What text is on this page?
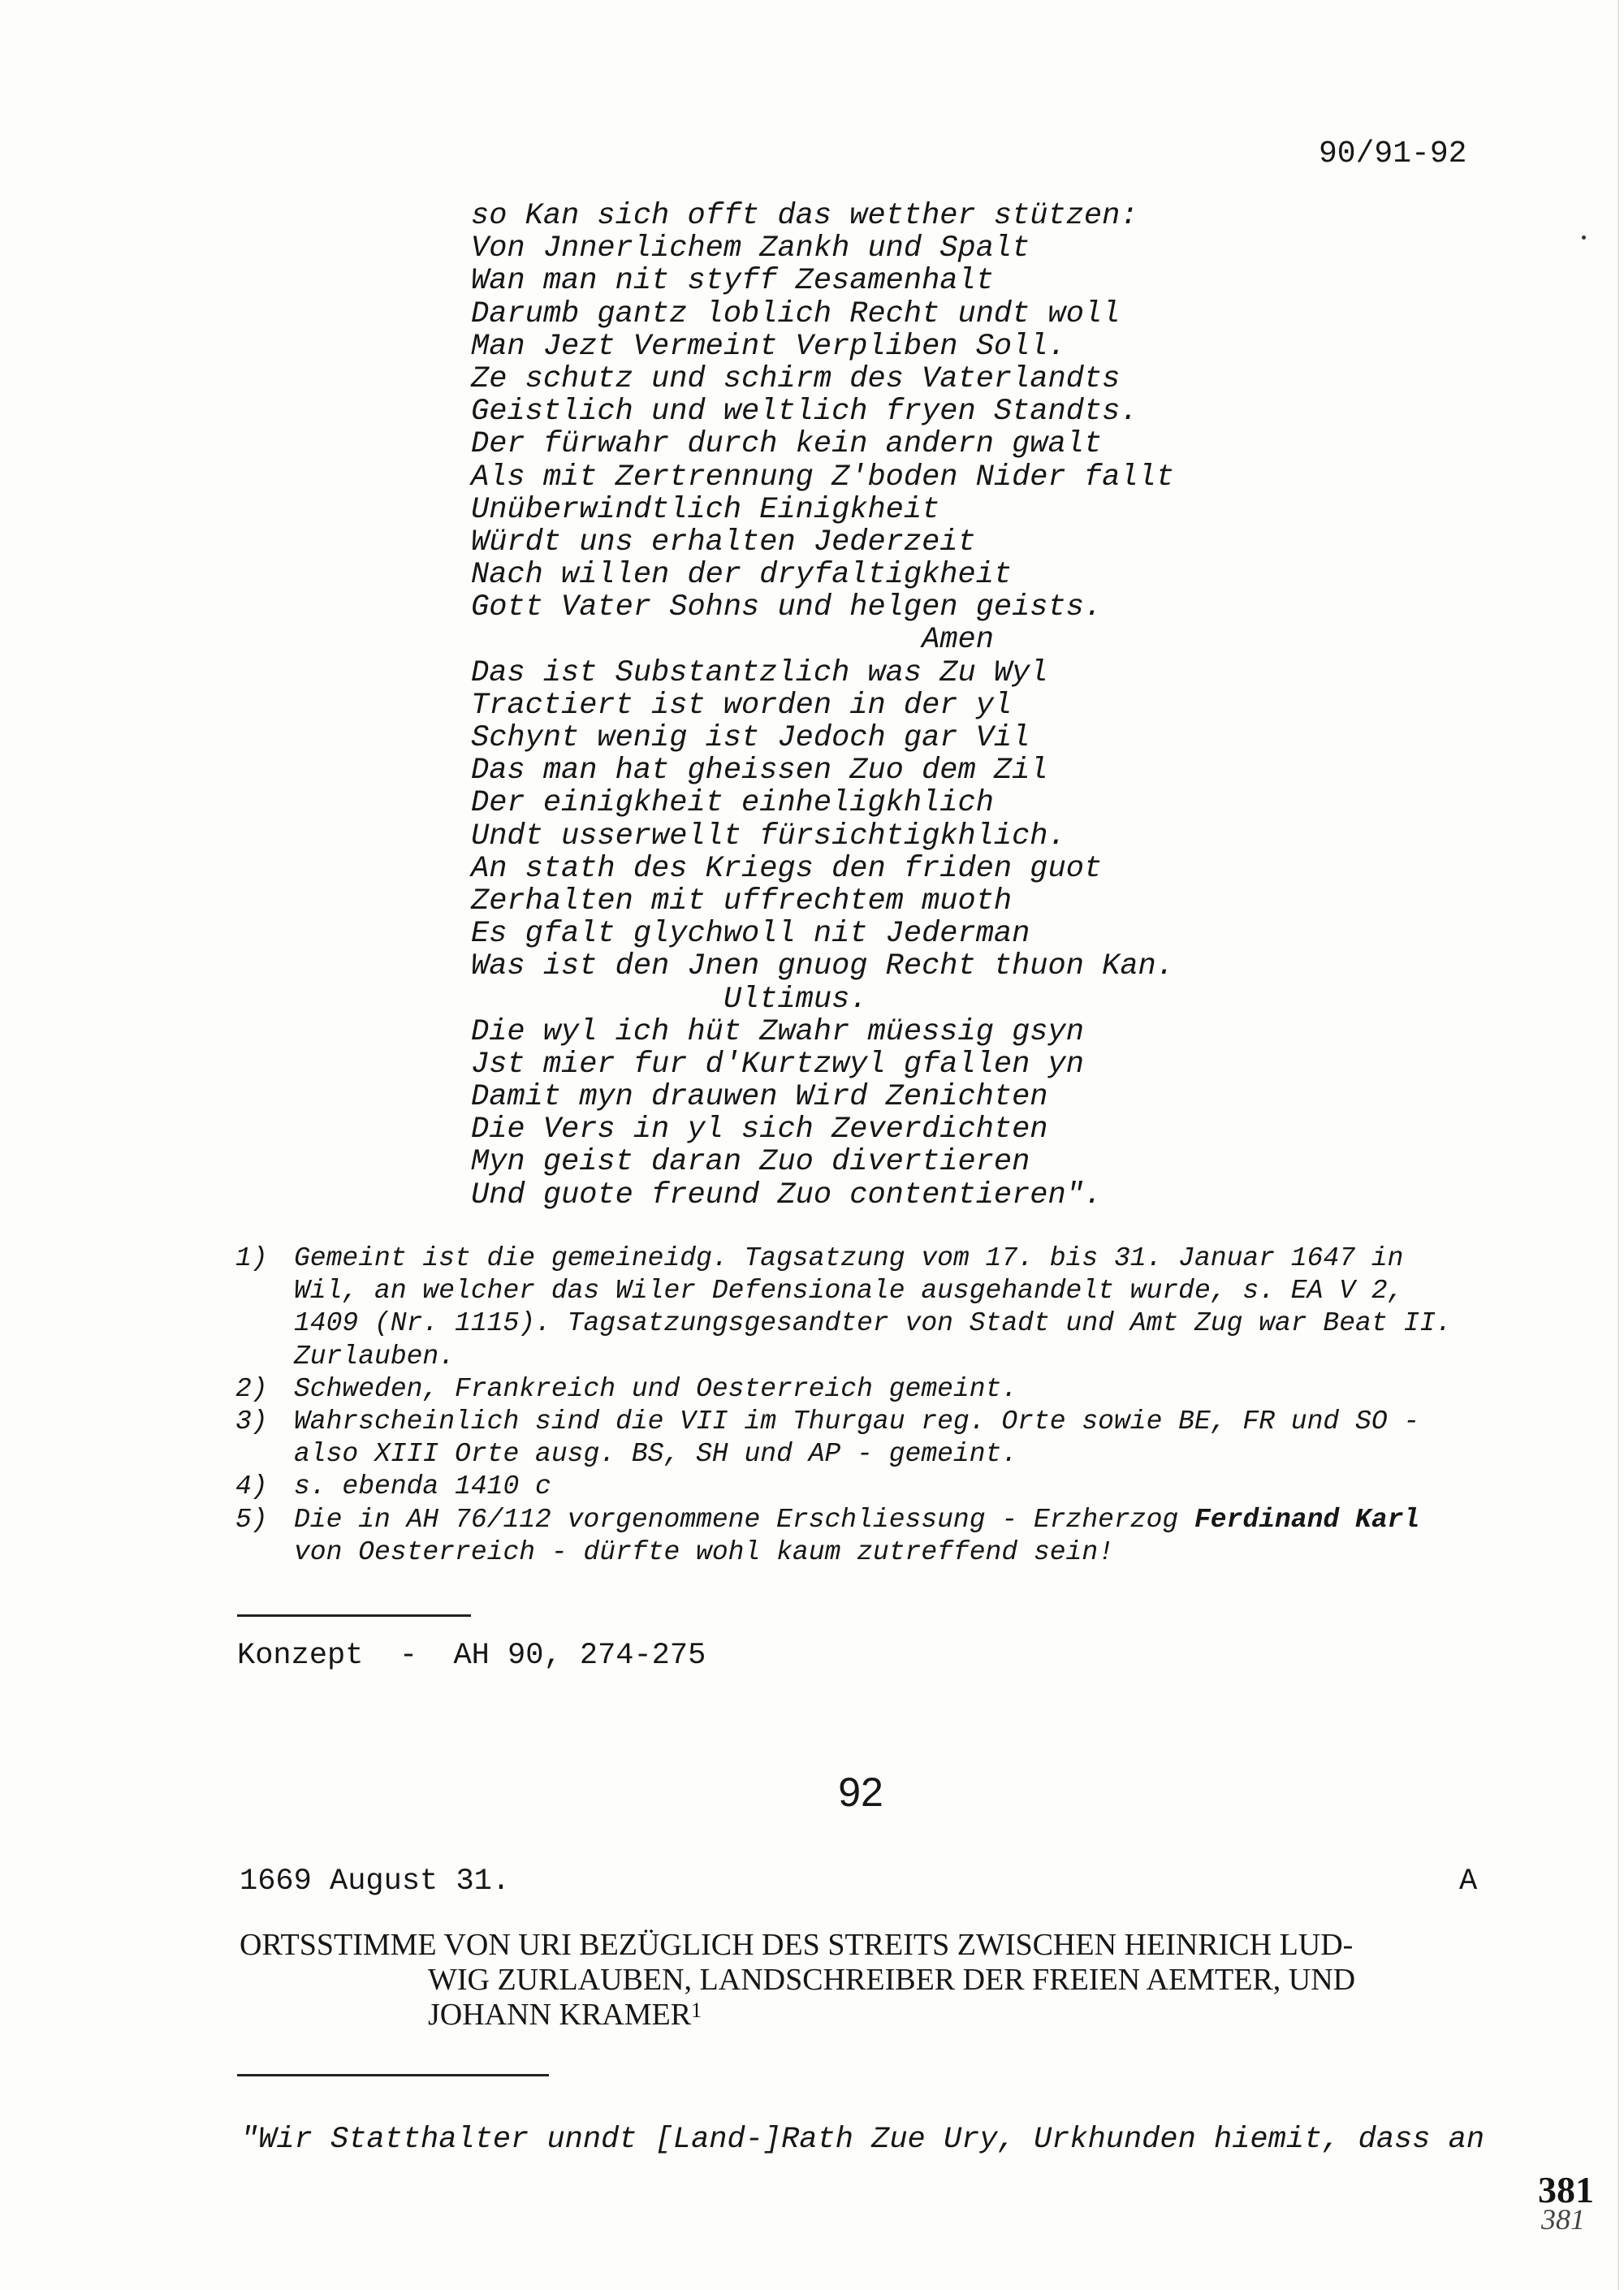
90/91-92
so Kan sich offt das wetther stützen:
Von Jnnerlichem Zankh und Spalt
Wan man nit styff Zesamenhalt
Darumb gantz loblich Recht undt woll
Man Jezt Vermeint Verpliben Soll.
Ze schutz und schirm des Vaterlandts
Geistlich und weltlich fryen Standts.
Der fürwahr durch kein andern gwalt
Als mit Zertrennung Z'boden Nider fallt
Unüberwindtlich Einigkheit
Würdt uns erhalten Jederzeit
Nach willen der dryfaltigkheit
Gott Vater Sohns und helgen geists.
Amen
Das ist Substantzlich was Zu Wyl
Tractiert ist worden in der yl
Schynt wenig ist Jedoch gar Vil
Das man hat gheissen Zuo dem Zil
Der einigkheit einheligkhlich
Undt usserwellt fürsichtigkhlich.
An stath des Kriegs den friden guot
Zerhalten mit uffrechtem muoth
Es gfalt glychwoll nit Jederman
Was ist den Jnen gnuog Recht thuon Kan.
Ultimus.
Die wyl ich hüt Zwahr müessig gsyn
Jst mier fur d'Kurtzwyl gfallen yn
Damit myn drauwen Wird Zenichten
Die Vers in yl sich Zeverdichten
Myn geist daran Zuo divertieren
Und guote freund Zuo contentieren".
1) Gemeint ist die gemeineidg. Tagsatzung vom 17. bis 31. Januar 1647 in
Wil, an welcher das Wiler Defensionale ausgehandelt wurde, s. EA V 2,
1409 (Nr. 1115). Tagsatzungsgesandter von Stadt und Amt Zug war Beat II.
Zurlauben.
2) Schweden, Frankreich und Oesterreich gemeint.
3) Wahrscheinlich sind die VII im Thurgau reg. Orte sowie BE, FR und SO -
also XIII Orte ausg. BS, SH und AP - gemeint.
4) s. ebenda 1410 c
5) Die in AH 76/112 vorgenommene Erschliessung - Erzherzog Ferdinand Karl
von Oesterreich - dürfte wohl kaum zutreffend sein!
Konzept  -  AH 90, 274-275
92
1669 August 31.	A
ORTSSTIMME VON URI BEZÜGLICH DES STREITS ZWISCHEN HEINRICH LUD-
WIG ZURLAUBEN, LANDSCHREIBER DER FREIEN AEMTER, UND
JOHANN KRAMER$^1$
"Wir Statthalter unndt [Land-]Rath Zue Ury, Urkhunden hiemit, dass an
381
381
